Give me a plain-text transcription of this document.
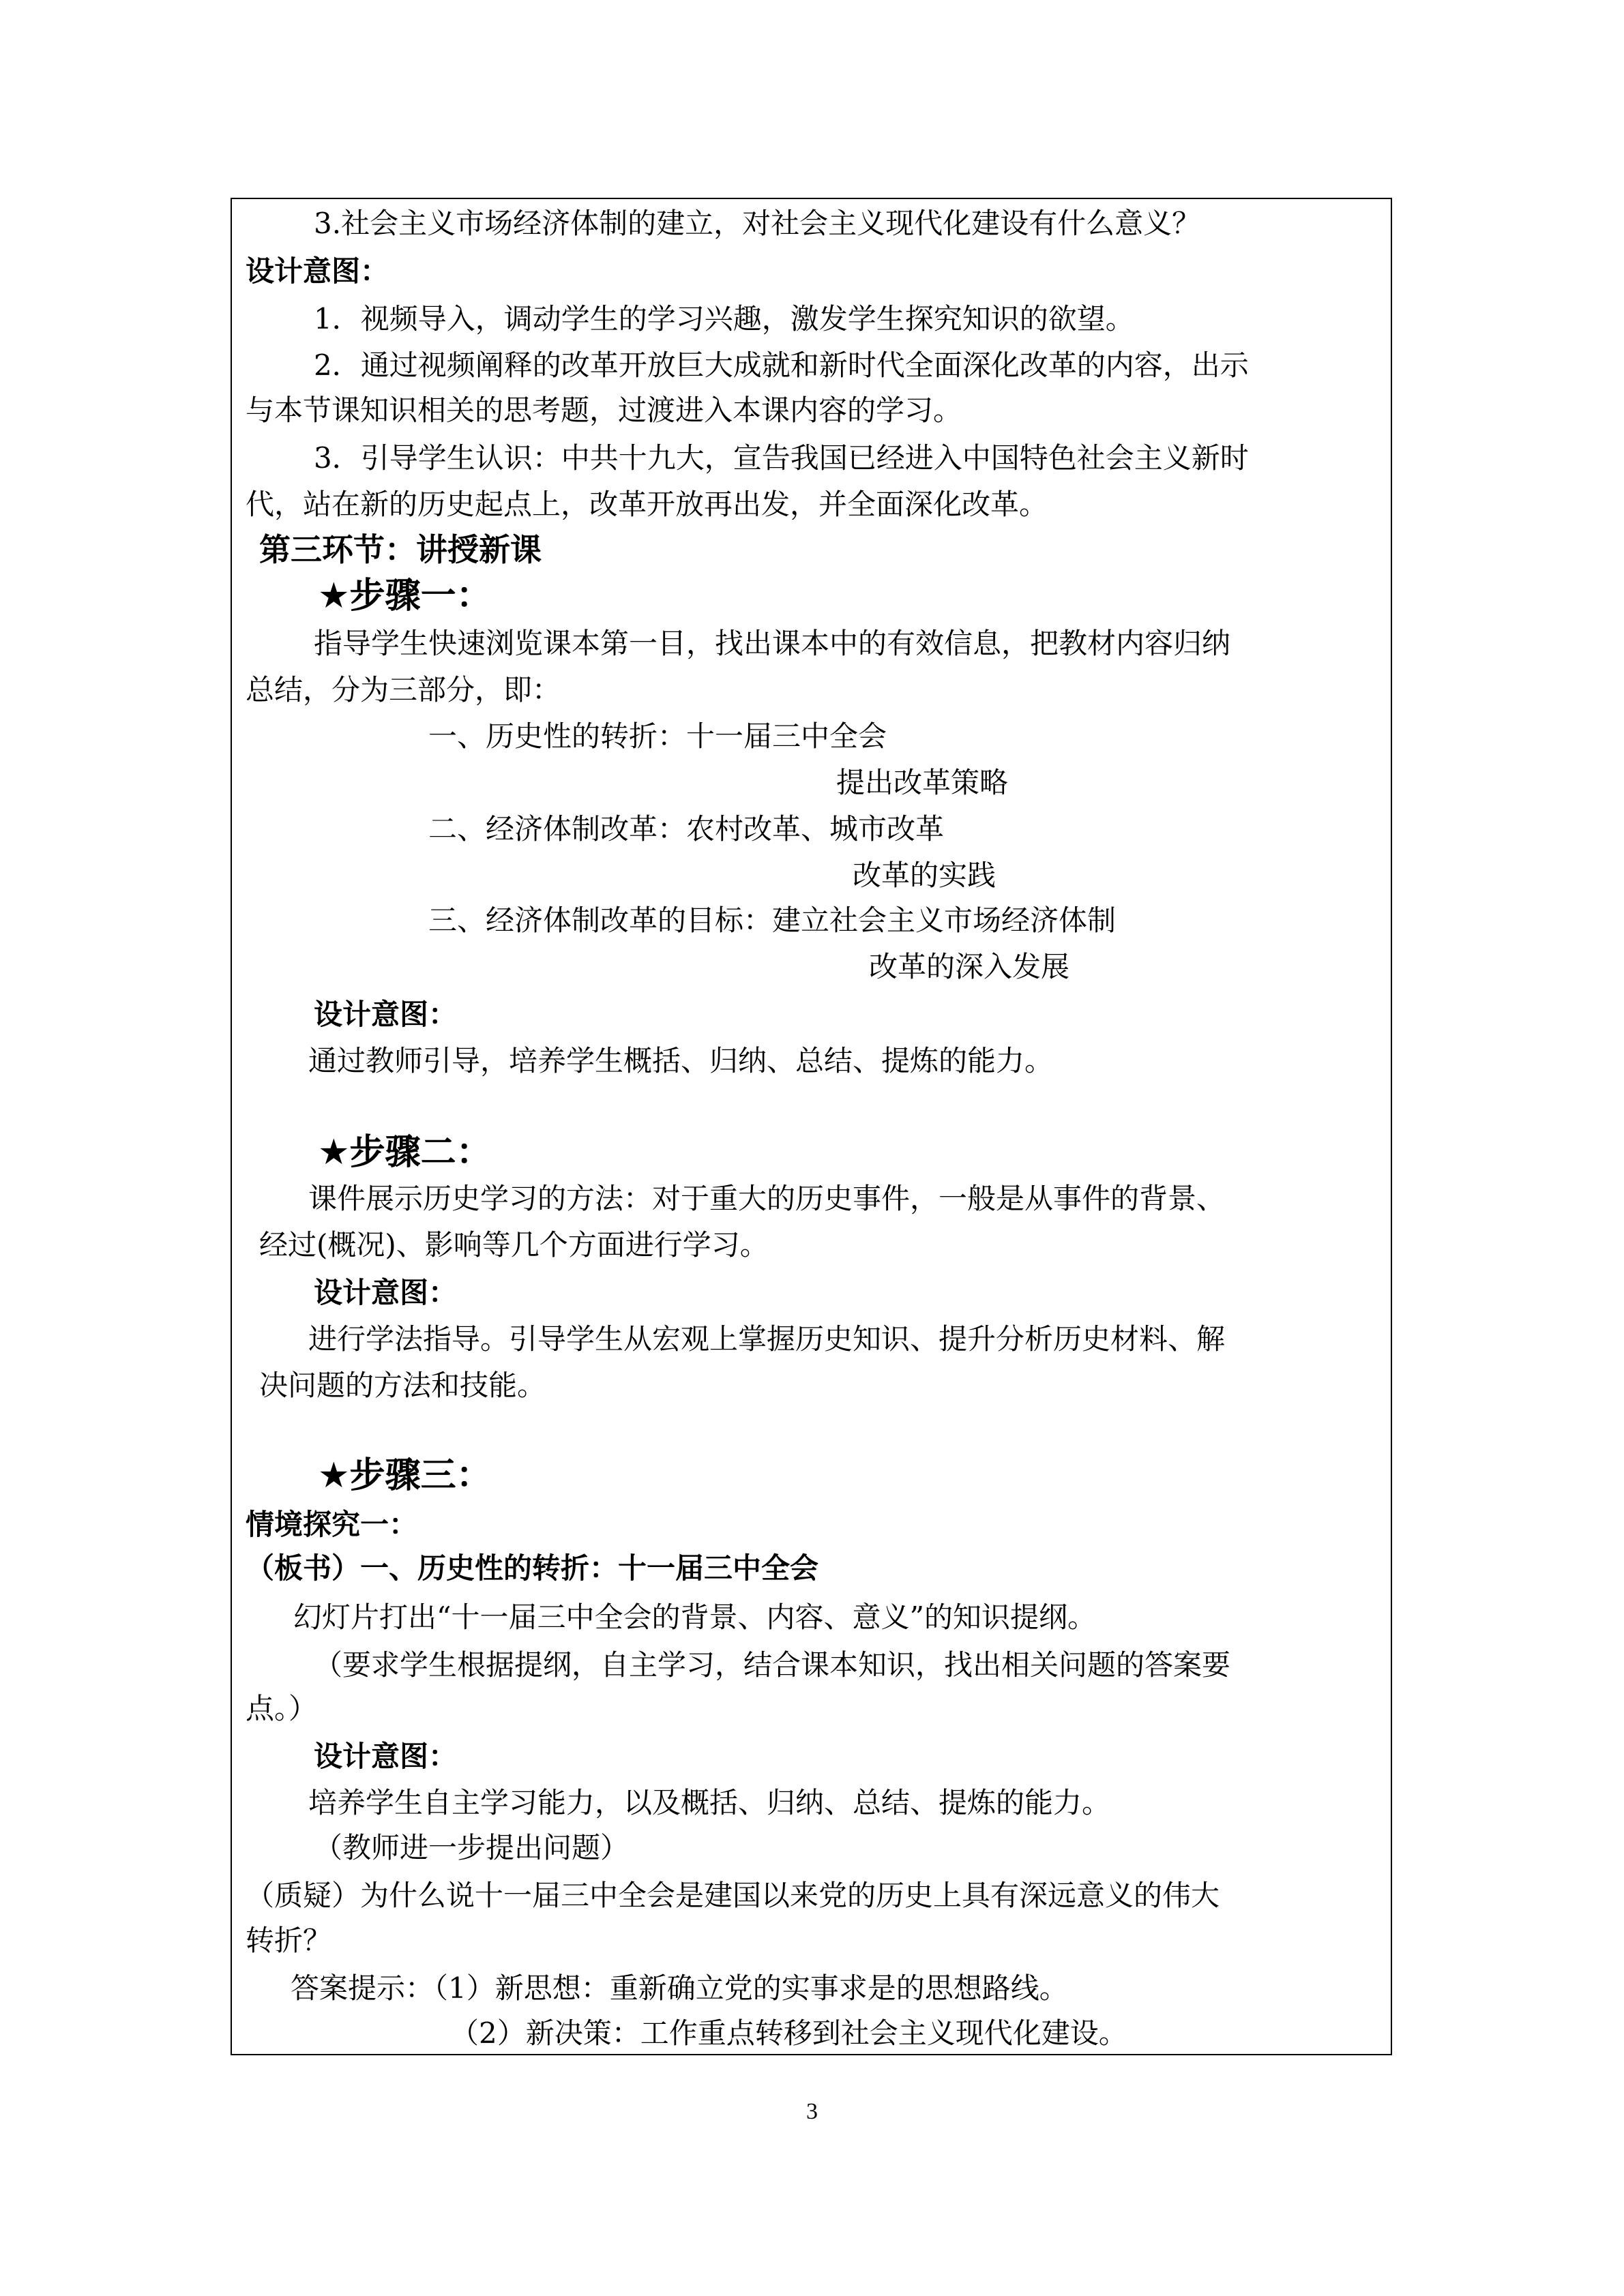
3.社会主义市场经济体制的建立，对社会主义现代化建设有什么意义？
设计意图：
1．视频导入，调动学生的学习兴趣，激发学生探究知识的欲望。
2．通过视频阐释的改革开放巨大成就和新时代全面深化改革的内容，出示
与本节课知识相关的思考题，过渡进入本课内容的学习。
3．引导学生认识：中共十九大，宣告我国已经进入中国特色社会主义新时
代，站在新的历史起点上，改革开放再出发，并全面深化改革。
第三环节：讲授新课
★步骤一：
指导学生快速浏览课本第一目，找出课本中的有效信息，把教材内容归纳
总结，分为三部分，即：
一、历史性的转折：十一届三中全会
提出改革策略
二、经济体制改革：农村改革、城市改革
改革的实践
三、经济体制改革的目标：建立社会主义市场经济体制
改革的深入发展
设计意图：
通过教师引导，培养学生概括、归纳、总结、提炼的能力。
★步骤二：
课件展示历史学习的方法：对于重大的历史事件，一般是从事件的背景、
经过(概况)、影响等几个方面进行学习。
设计意图：
进行学法指导。引导学生从宏观上掌握历史知识、提升分析历史材料、解
决问题的方法和技能。
★步骤三：
情境探究一：
（板书）一、历史性的转折：十一届三中全会
幻灯片打出“十一届三中全会的背景、内容、意义”的知识提纲。
（要求学生根据提纲，自主学习，结合课本知识，找出相关问题的答案要
点。）
设计意图：
培养学生自主学习能力，以及概括、归纳、总结、提炼的能力。
（教师进一步提出问题）
（质疑）为什么说十一届三中全会是建国以来党的历史上具有深远意义的伟大
转折？
答案提示：（1）新思想：重新确立党的实事求是的思想路线。
（2）新决策：工作重点转移到社会主义现代化建设。
3
